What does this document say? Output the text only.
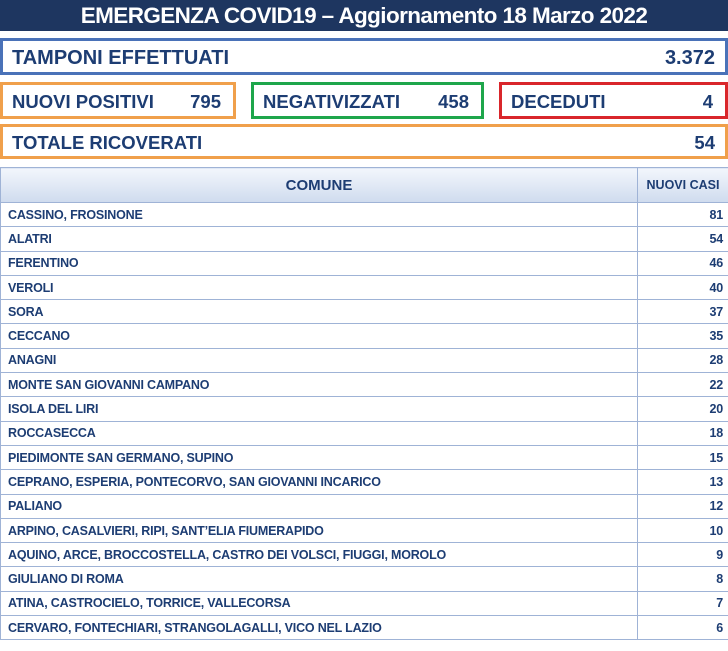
EMERGENZA COVID19 – Aggiornamento 18 Marzo 2022
TAMPONI EFFETTUATI	3.372
NUOVI POSITIVI 795 NEGATIVIZZATI 458 DECEDUTI	4
TOTALE RICOVERATI	54
COMUNE	NUOVI CASI
CASSINO, FROSINONE	81
ALATRI	54
FERENTINO	46
VEROLI	40
SORA	37
CECCANO	35
ANAGNI	28
MONTE SAN GIOVANNI CAMPANO	22
ISOLA DEL LIRI	20
ROCCASECCA	18
PIEDIMONTE SAN GERMANO, SUPINO	15
CEPRANO, ESPERIA, PONTECORVO, SAN GIOVANNI INCARICO	13
PALIANO	12
ARPINO, CASALVIERI, RIPI, SANT’ELIA FIUMERAPIDO	10
AQUINO, ARCE, BROCCOSTELLA, CASTRO DEI VOLSCI, FIUGGI, MOROLO	9
GIULIANO DI ROMA	8
ATINA, CASTROCIELO, TORRICE, VALLECORSA	7
CERVARO, FONTECHIARI, STRANGOLAGALLI, VICO NEL LAZIO	6
